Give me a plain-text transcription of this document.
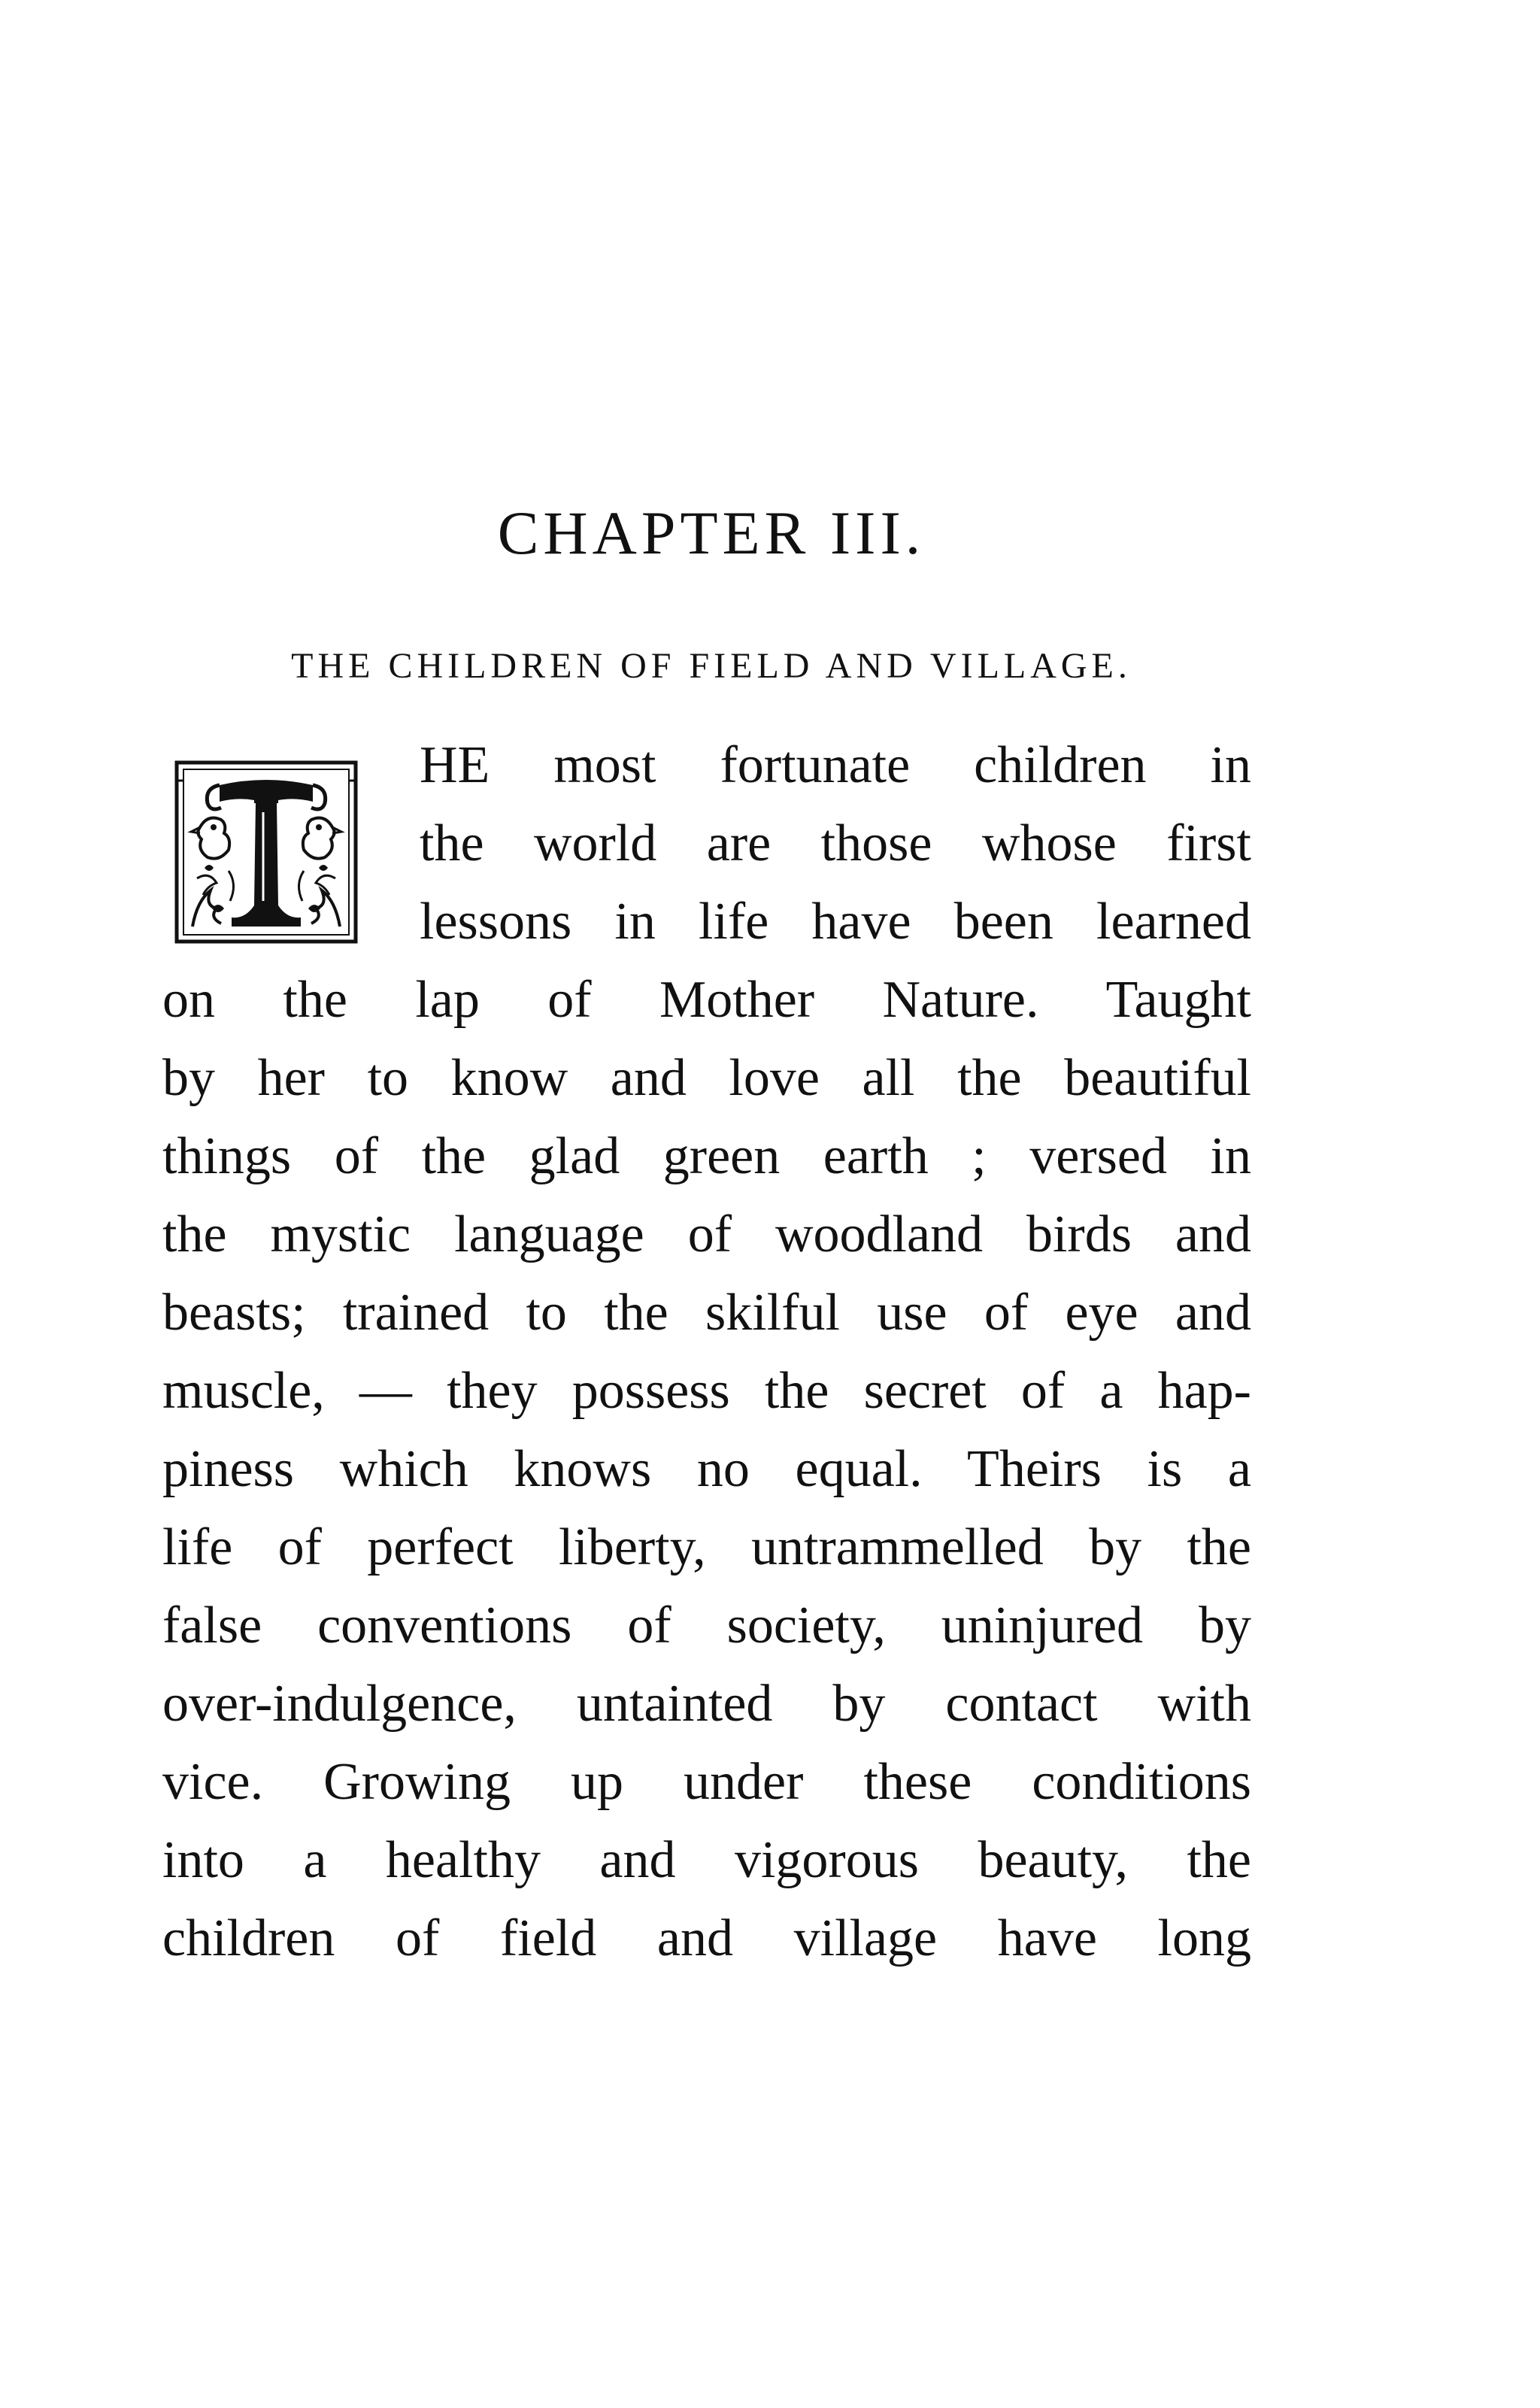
CHAPTER III.
THE CHILDREN OF FIELD AND VILLAGE.
HE most fortunate children in
the world are those whose first
lessons in life have been learned
on the lap of Mother Nature. Taught
by her to know and love all the beautiful
things of the glad green earth ; versed in
the mystic language of woodland birds and
beasts; trained to the skilful use of eye and
muscle, — they possess the secret of a hap-
piness which knows no equal. Theirs is a
life of perfect liberty, untrammelled by the
false conventions of society, uninjured by
over-indulgence, untainted by contact with
vice. Growing up under these conditions
into a healthy and vigorous beauty, the
children of field and village have long
